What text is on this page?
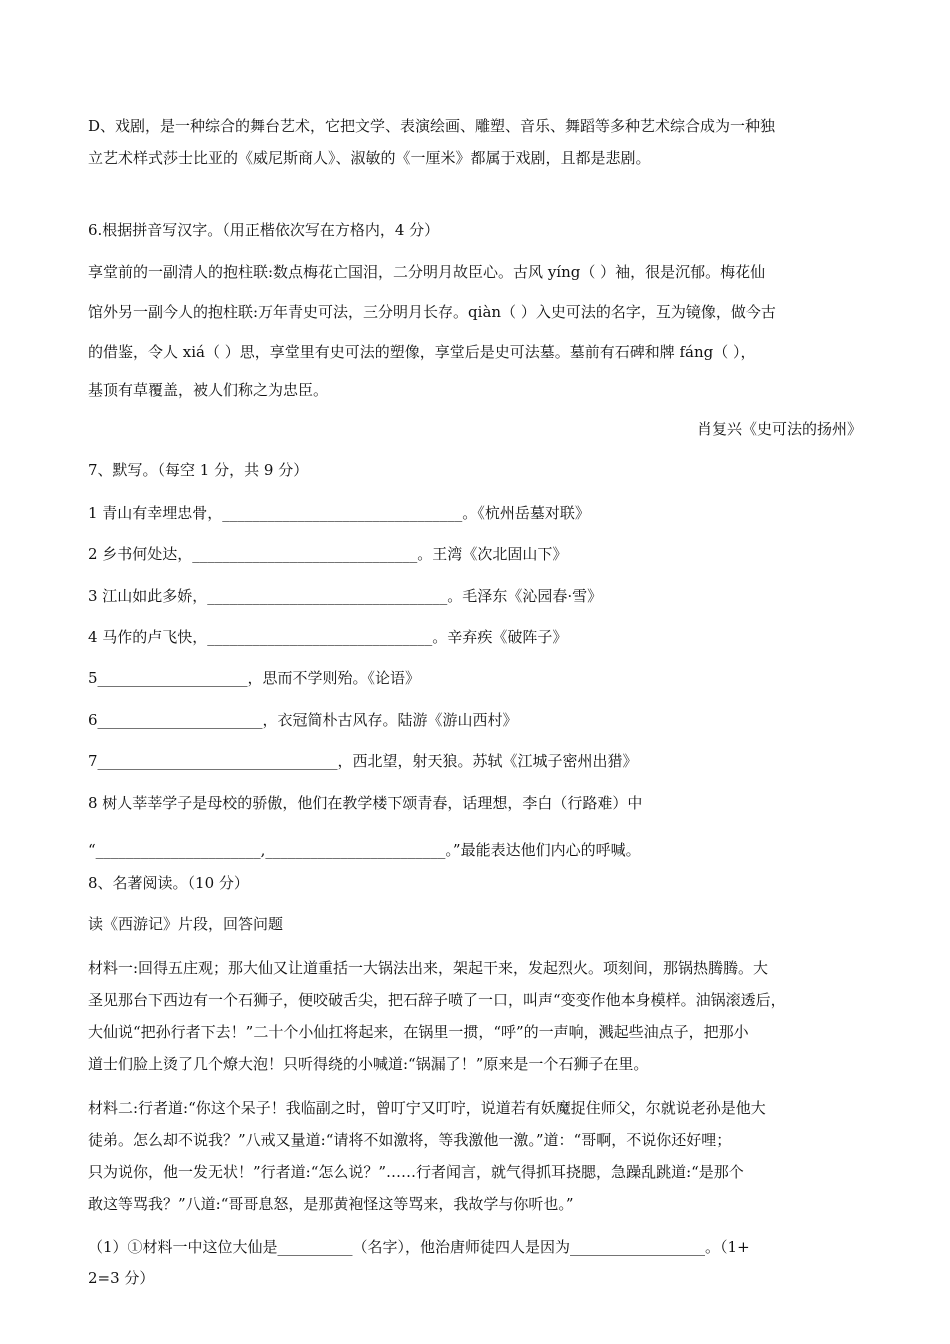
D、戏剧，是一种综合的舞台艺术，它把文学、表演绘画、雕塑、音乐、舞蹈等多种艺术综合成为一种独
立艺术样式莎士比亚的《威尼斯商人》、淑敏的《一厘米》都属于戏剧，且都是悲剧。
6.根据拼音写汉字。（用正楷依次写在方格内，4 分）
享堂前的一副清人的抱柱联:数点梅花亡国泪，二分明月故臣心。古风 yíng（ ）袖，很是沉郁。梅花仙
馆外另一副今人的抱柱联:万年青史可法，三分明月长存。qiàn（ ）入史可法的名字，互为镜像，做今古
的借鉴，令人 xiá（ ）思，享堂里有史可法的塑像，享堂后是史可法墓。墓前有石碑和牌 fáng（ ），
基顶有草覆盖，被人们称之为忠臣。
肖复兴《史可法的扬州》
7、默写。（每空 1 分，共 9 分）
1 青山有幸埋忠骨，________________________________。《杭州岳墓对联》
2 乡书何处达，______________________________。王湾《次北固山下》
3 江山如此多娇，________________________________。毛泽东《沁园春·雪》
4 马作的卢飞快，______________________________。辛弃疾《破阵子》
5____________________，思而不学则殆。《论语》
6______________________，衣冠简朴古风存。陆游《游山西村》
7________________________________，西北望，射天狼。苏轼《江城子密州出猎》
8 树人莘莘学子是母校的骄傲，他们在教学楼下颂青春，话理想，李白（行路难）中
“______________________,________________________。”最能表达他们内心的呼喊。
8、名著阅读。（10 分）
读《西游记》片段，回答问题
材料一:回得五庄观；那大仙又让道重括一大锅法出来，架起干来，发起烈火。项刻间，那锅热腾腾。大
圣见那台下西边有一个石狮子，便咬破舌尖，把石辞子喷了一口，叫声“变变作他本身模样。油锅滚透后，
大仙说“把孙行者下去！”二十个小仙扛将起来，在锅里一掼，“呼”的一声响，溅起些油点子，把那小
道士们脸上烫了几个燎大泡！只听得绕的小喊道:“锅漏了！”原来是一个石狮子在里。
材料二:行者道:“你这个呆子！我临副之时，曾叮宁又叮咛，说道若有妖魔捉住师父，尔就说老孙是他大
徒弟。怎么却不说我？”八戒又量道:“请将不如激将，等我激他一激。”道：“哥啊，不说你还好哩；
只为说你，他一发无状！”行者道:“怎么说？”……行者闻言，就气得抓耳挠腮，急躁乱跳道:“是那个
敢这等骂我？”八道:“哥哥息怒，是那黄袍怪这等骂来，我故学与你听也。”
（1）①材料一中这位大仙是__________（名字），他治唐师徒四人是因为__________________。（1+
2=3 分）
